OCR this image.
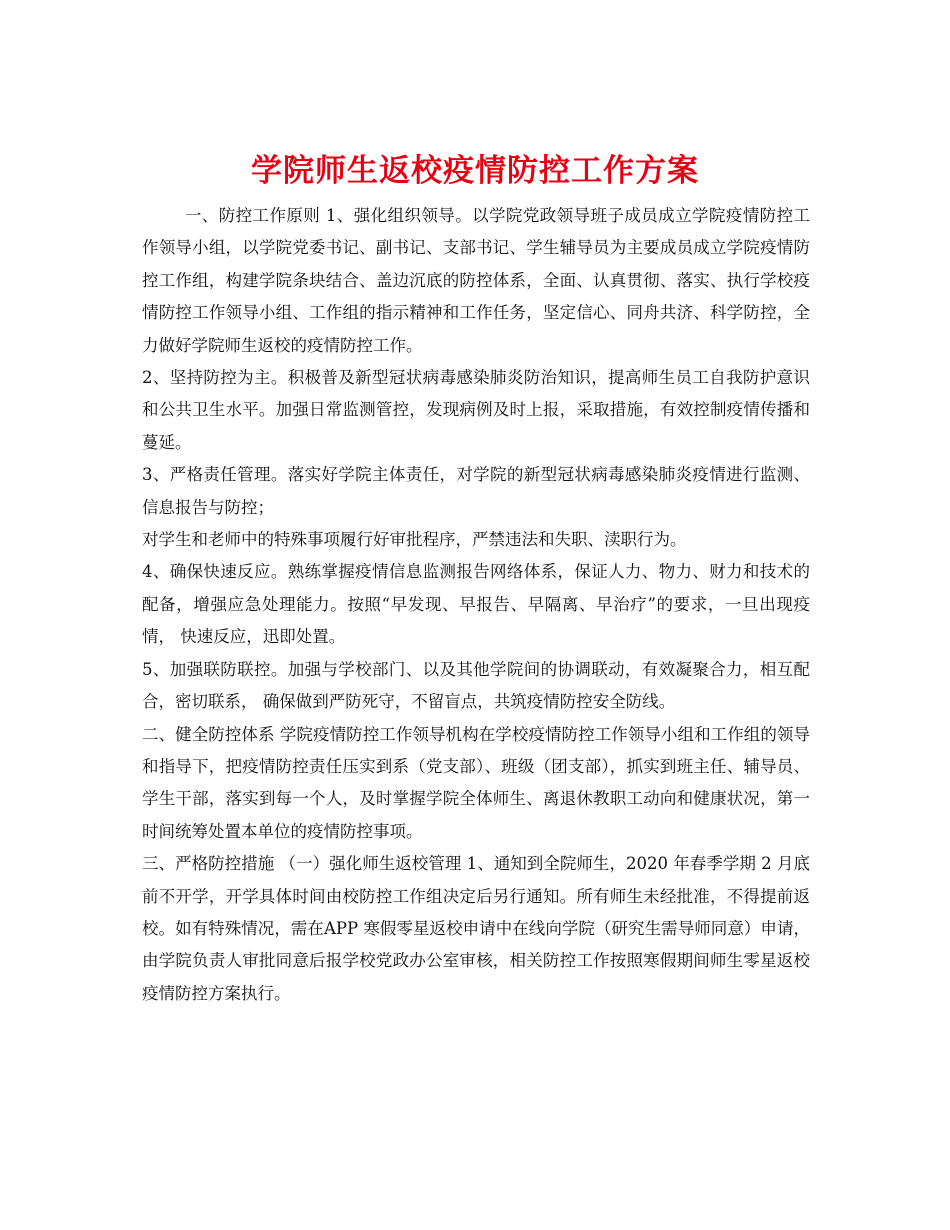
学院师生返校疫情防控工作方案

一、防控工作原则 1、强化组织领导。以学院党政领导班子成员成立学院疫情防控工作领导小组，以学院党委书记、副书记、支部书记、学生辅导员为主要成员成立学院疫情防控工作组，构建学院条块结合、盖边沉底的防控体系，全面、认真贯彻、落实、执行学校疫情防控工作领导小组、工作组的指示精神和工作任务，坚定信心、同舟共济、科学防控，全力做好学院师生返校的疫情防控工作。

2、坚持防控为主。积极普及新型冠状病毒感染肺炎防治知识，提高师生员工自我防护意识和公共卫生水平。加强日常监测管控，发现病例及时上报，采取措施，有效控制疫情传播和蔓延。

3、严格责任管理。落实好学院主体责任，对学院的新型冠状病毒感染肺炎疫情进行监测、信息报告与防控；

对学生和老师中的特殊事项履行好审批程序，严禁违法和失职、渎职行为。

4、确保快速反应。熟练掌握疫情信息监测报告网络体系，保证人力、物力、财力和技术的配备，增强应急处理能力。按照“早发现、早报告、早隔离、早治疗”的要求，一旦出现疫情， 快速反应，迅即处置。

5、加强联防联控。加强与学校部门、以及其他学院间的协调联动，有效凝聚合力，相互配合，密切联系， 确保做到严防死守，不留盲点，共筑疫情防控安全防线。

二、健全防控体系 学院疫情防控工作领导机构在学校疫情防控工作领导小组和工作组的领导和指导下，把疫情防控责任压实到系（党支部）、班级（团支部），抓实到班主任、辅导员、学生干部，落实到每一个人，及时掌握学院全体师生、离退休教职工动向和健康状况，第一时间统筹处置本单位的疫情防控事项。

三、严格防控措施 （一）强化师生返校管理 1、通知到全院师生，2020 年春季学期 2 月底前不开学，开学具体时间由校防控工作组决定后另行通知。所有师生未经批准，不得提前返校。如有特殊情况，需在APP 寒假零星返校申请中在线向学院（研究生需导师同意）申请，由学院负责人审批同意后报学校党政办公室审核，相关防控工作按照寒假期间师生零星返校疫情防控方案执行。
